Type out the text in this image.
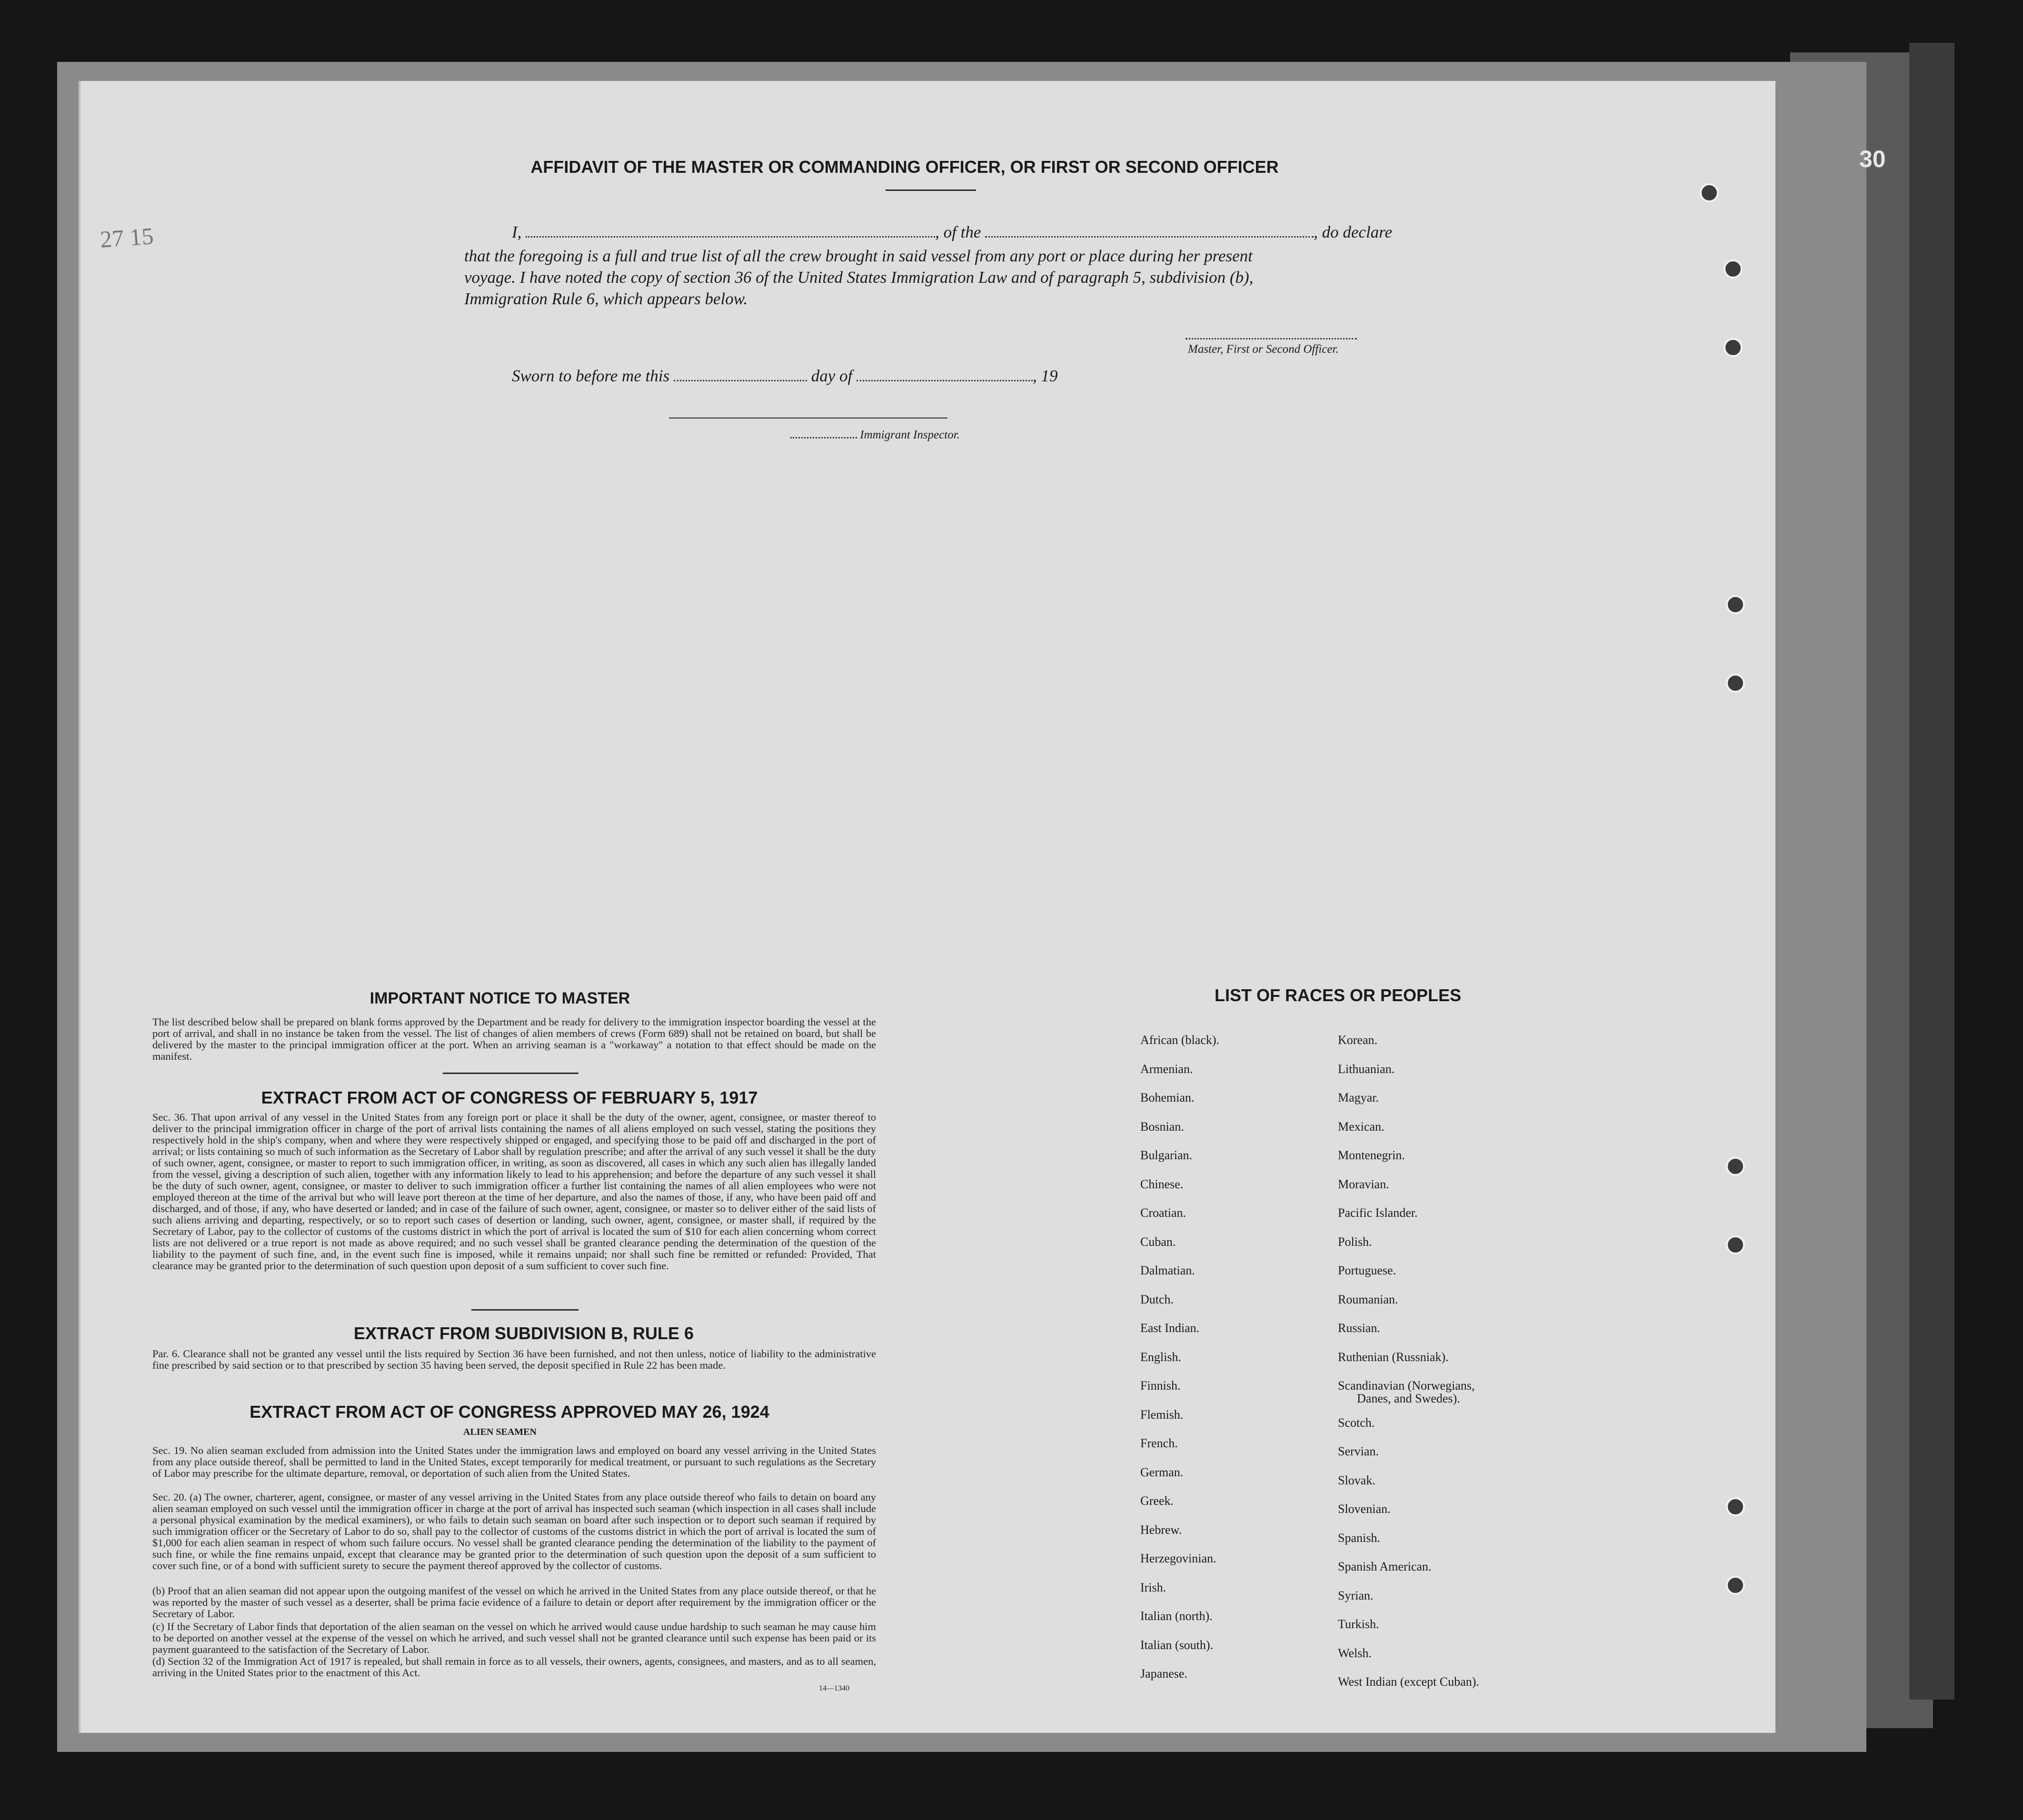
30
27 15
AFFIDAVIT OF THE MASTER OR COMMANDING OFFICER, OR FIRST OR SECOND OFFICER
I,	, of the	, do declare
that the foregoing is a full and true list of all the crew brought in said vessel from any port or place during her present
voyage. I have noted the copy of section 36 of the United States Immigration Law and of paragraph 5, subdivision (b),
Immigration Rule 6, which appears below.
Master, First or Second Officer.
Sworn to before me this	day of	, 19
Immigrant Inspector.
IMPORTANT NOTICE TO MASTER
The list described below shall be prepared on blank forms approved by the Department and be ready for delivery to the immigration inspector boarding the vessel at the port of arrival, and shall in no instance be taken from the vessel. The list of changes of alien members of crews (Form 689) shall not be retained on board, but shall be delivered by the master to the principal immigration officer at the port. When an arriving seaman is a "workaway" a notation to that effect should be made on the manifest.
EXTRACT FROM ACT OF CONGRESS OF FEBRUARY 5, 1917
Sec. 36. That upon arrival of any vessel in the United States from any foreign port or place it shall be the duty of the owner, agent, consignee, or master thereof to deliver to the principal immigration officer in charge of the port of arrival lists containing the names of all aliens employed on such vessel, stating the positions they respectively hold in the ship's company, when and where they were respectively shipped or engaged, and specifying those to be paid off and discharged in the port of arrival; or lists containing so much of such information as the Secretary of Labor shall by regulation prescribe; and after the arrival of any such vessel it shall be the duty of such owner, agent, consignee, or master to report to such immigration officer, in writing, as soon as discovered, all cases in which any such alien has illegally landed from the vessel, giving a description of such alien, together with any information likely to lead to his apprehension; and before the departure of any such vessel it shall be the duty of such owner, agent, consignee, or master to deliver to such immigration officer a further list containing the names of all alien employees who were not employed thereon at the time of the arrival but who will leave port thereon at the time of her departure, and also the names of those, if any, who have been paid off and discharged, and of those, if any, who have deserted or landed; and in case of the failure of such owner, agent, consignee, or master so to deliver either of the said lists of such aliens arriving and departing, respectively, or so to report such cases of desertion or landing, such owner, agent, consignee, or master shall, if required by the Secretary of Labor, pay to the collector of customs of the customs district in which the port of arrival is located the sum of $10 for each alien concerning whom correct lists are not delivered or a true report is not made as above required; and no such vessel shall be granted clearance pending the determination of the question of the liability to the payment of such fine, and, in the event such fine is imposed, while it remains unpaid; nor shall such fine be remitted or refunded: Provided, That clearance may be granted prior to the determination of such question upon deposit of a sum sufficient to cover such fine.
EXTRACT FROM SUBDIVISION B, RULE 6
Par. 6. Clearance shall not be granted any vessel until the lists required by Section 36 have been furnished, and not then unless, notice of liability to the administrative fine prescribed by said section or to that prescribed by section 35 having been served, the deposit specified in Rule 22 has been made.
EXTRACT FROM ACT OF CONGRESS APPROVED MAY 26, 1924
ALIEN SEAMEN
Sec. 19. No alien seaman excluded from admission into the United States under the immigration laws and employed on board any vessel arriving in the United States from any place outside thereof, shall be permitted to land in the United States, except temporarily for medical treatment, or pursuant to such regulations as the Secretary of Labor may prescribe for the ultimate departure, removal, or deportation of such alien from the United States.
Sec. 20. (a) The owner, charterer, agent, consignee, or master of any vessel arriving in the United States from any place outside thereof who fails to detain on board any alien seaman employed on such vessel until the immigration officer in charge at the port of arrival has inspected such seaman (which inspection in all cases shall include a personal physical examination by the medical examiners), or who fails to detain such seaman on board after such inspection or to deport such seaman if required by such immigration officer or the Secretary of Labor to do so, shall pay to the collector of customs of the customs district in which the port of arrival is located the sum of $1,000 for each alien seaman in respect of whom such failure occurs. No vessel shall be granted clearance pending the determination of the liability to the payment of such fine, or while the fine remains unpaid, except that clearance may be granted prior to the determination of such question upon the deposit of a sum sufficient to cover such fine, or of a bond with sufficient surety to secure the payment thereof approved by the collector of customs.
(b) Proof that an alien seaman did not appear upon the outgoing manifest of the vessel on which he arrived in the United States from any place outside thereof, or that he was reported by the master of such vessel as a deserter, shall be prima facie evidence of a failure to detain or deport after requirement by the immigration officer or the Secretary of Labor.
(c) If the Secretary of Labor finds that deportation of the alien seaman on the vessel on which he arrived would cause undue hardship to such seaman he may cause him to be deported on another vessel at the expense of the vessel on which he arrived, and such vessel shall not be granted clearance until such expense has been paid or its payment guaranteed to the satisfaction of the Secretary of Labor.
(d) Section 32 of the Immigration Act of 1917 is repealed, but shall remain in force as to all vessels, their owners, agents, consignees, and masters, and as to all seamen, arriving in the United States prior to the enactment of this Act.
14—1340
LIST OF RACES OR PEOPLES
African (black).
Armenian.
Bohemian.
Bosnian.
Bulgarian.
Chinese.
Croatian.
Cuban.
Dalmatian.
Dutch.
East Indian.
English.
Finnish.
Flemish.
French.
German.
Greek.
Hebrew.
Herzegovinian.
Irish.
Italian (north).
Italian (south).
Japanese.
Korean.
Lithuanian.
Magyar.
Mexican.
Montenegrin.
Moravian.
Pacific Islander.
Polish.
Portuguese.
Roumanian.
Russian.
Ruthenian (Russniak).
Scandinavian (Norwegians,
Danes, and Swedes).
Scotch.
Servian.
Slovak.
Slovenian.
Spanish.
Spanish American.
Syrian.
Turkish.
Welsh.
West Indian (except Cuban).
